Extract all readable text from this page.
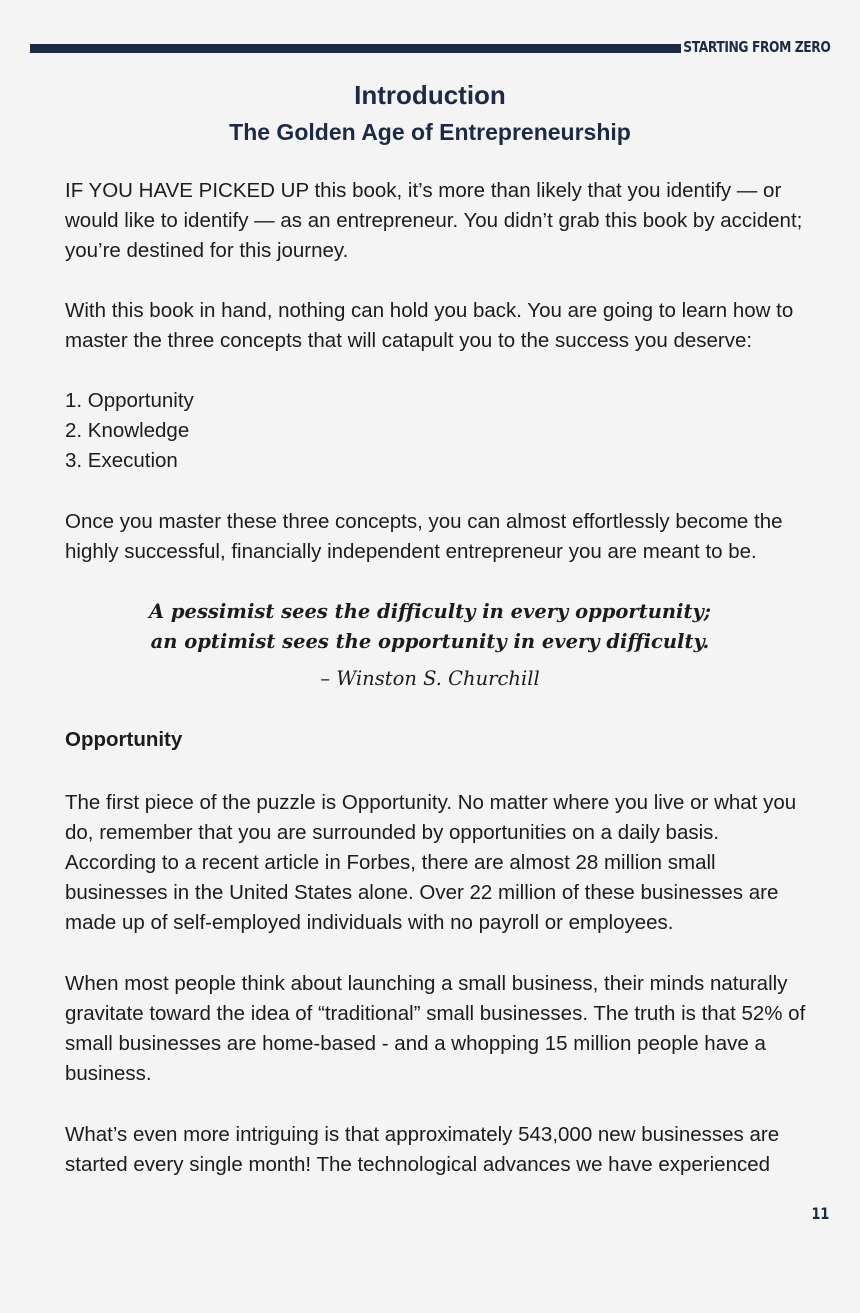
STARTING FROM ZERO
Introduction
The Golden Age of Entrepreneurship

IF YOU HAVE PICKED UP this book, it’s more than likely that you identify — or would like to identify — as an entrepreneur. You didn’t grab this book by accident; you’re destined for this journey.

With this book in hand, nothing can hold you back. You are going to learn how to master the three concepts that will catapult you to the success you deserve:

1. Opportunity
2. Knowledge
3. Execution

Once you master these three concepts, you can almost effortlessly become the highly successful, financially independent entrepreneur you are meant to be.

A pessimist sees the difficulty in every opportunity;
an optimist sees the opportunity in every difficulty.
– Winston S. Churchill
Opportunity

The first piece of the puzzle is Opportunity. No matter where you live or what you do, remember that you are surrounded by opportunities on a daily basis. According to a recent article in Forbes, there are almost 28 million small businesses in the United States alone. Over 22 million of these businesses are made up of self-employed individuals with no payroll or employees.

When most people think about launching a small business, their minds naturally gravitate toward the idea of “traditional” small businesses. The truth is that 52% of small businesses are home-based - and a whopping 15 million people have a business.

What’s even more intriguing is that approximately 543,000 new businesses are started every single month! The technological advances we have experienced

11
